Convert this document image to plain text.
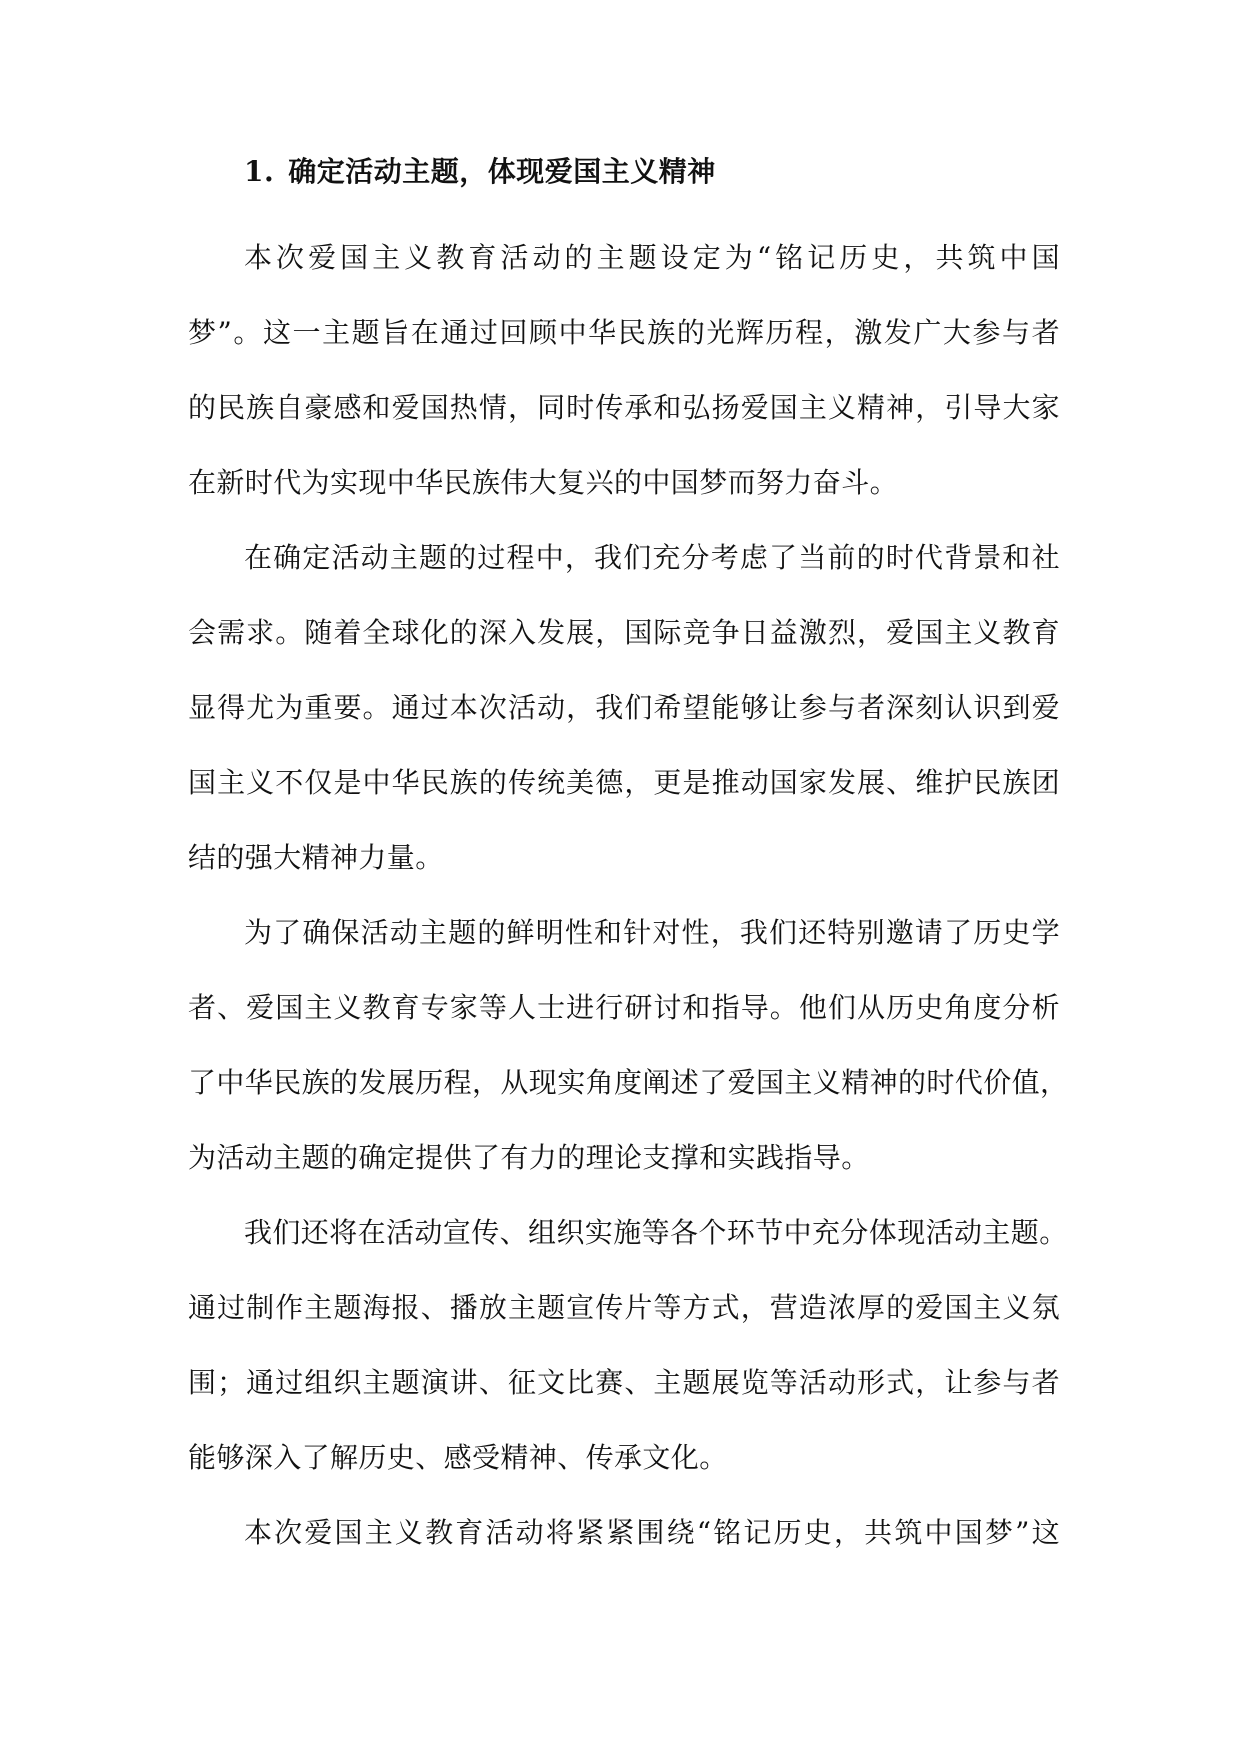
1. 确定活动主题，体现爱国主义精神
本次爱国主义教育活动的主题设定为“铭记历史，共筑中国
梦”。这一主题旨在通过回顾中华民族的光辉历程，激发广大参与者
的民族自豪感和爱国热情，同时传承和弘扬爱国主义精神，引导大家
在新时代为实现中华民族伟大复兴的中国梦而努力奋斗。
在确定活动主题的过程中，我们充分考虑了当前的时代背景和社
会需求。随着全球化的深入发展，国际竞争日益激烈，爱国主义教育
显得尤为重要。通过本次活动，我们希望能够让参与者深刻认识到爱
国主义不仅是中华民族的传统美德，更是推动国家发展、维护民族团
结的强大精神力量。
为了确保活动主题的鲜明性和针对性，我们还特别邀请了历史学
者、爱国主义教育专家等人士进行研讨和指导。他们从历史角度分析
了中华民族的发展历程，从现实角度阐述了爱国主义精神的时代价值，
为活动主题的确定提供了有力的理论支撑和实践指导。
我们还将在活动宣传、组织实施等各个环节中充分体现活动主题。
通过制作主题海报、播放主题宣传片等方式，营造浓厚的爱国主义氛
围；通过组织主题演讲、征文比赛、主题展览等活动形式，让参与者
能够深入了解历史、感受精神、传承文化。
本次爱国主义教育活动将紧紧围绕“铭记历史，共筑中国梦”这
